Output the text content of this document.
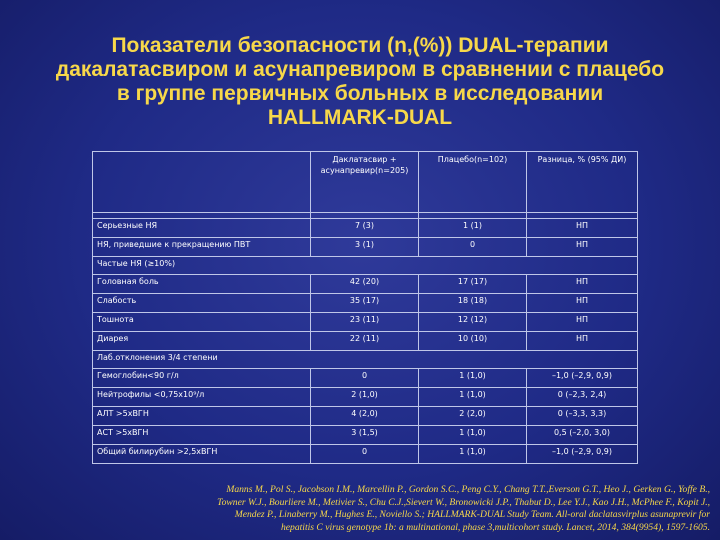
Показатели безопасности (n,(%)) DUAL-терапии
дакалатасвиром и асунапревиром в сравнении с плацебо
в группе первичных больных в исследовании
HALLMARK-DUAL
	Даклатасвир + асунапревир(n=205)	Плацебо(n=102)	Разница, % (95% ДИ)

Серьезные НЯ	7 (3)	1 (1)	НП
НЯ, приведшие к прекращению ПВТ	3 (1)	0	НП
Частые НЯ (≥10%)			
Головная боль	42 (20)	17 (17)	НП
Слабость	35 (17)	18 (18)	НП
Тошнота	23 (11)	12 (12)	НП
Диарея	22 (11)	10 (10)	НП
Лаб.отклонения 3/4 степени			
Гемоглобин<90 г/л	0	1 (1,0)	–1,0 (–2,9, 0,9)
Нейтрофилы <0,75х10⁹/л	2 (1,0)	1 (1,0)	0 (–2,3, 2,4)
АЛТ >5хВГН	4 (2,0)	2 (2,0)	0 (–3,3, 3,3)
АСТ >5хВГН	3 (1,5)	1 (1,0)	0,5 (–2,0, 3,0)
Общий билирубин >2,5хВГН	0	1 (1,0)	–1,0 (–2,9, 0,9)
Manns M., Pol S., Jacobson I.M., Marcellin P., Gordon S.C., Peng C.Y., Chang T.T.,Everson G.T., Heo J., Gerken G., Yoffe B.,
Towner W.J., Bourliere M., Metivier S., Chu C.J.,Sievert W., Bronowicki J.P., Thabut D., Lee Y.J., Kao J.H., McPhee F., Kopit J.,
Mendez P., Linaberry M., Hughes E., Noviello S.; HALLMARK-DUAL Study Team. All-oral daclatasvirplus asunaprevir for
hepatitis C virus genotype 1b: a multinational, phase 3,multicohort study. Lancet, 2014, 384(9954), 1597-1605.
